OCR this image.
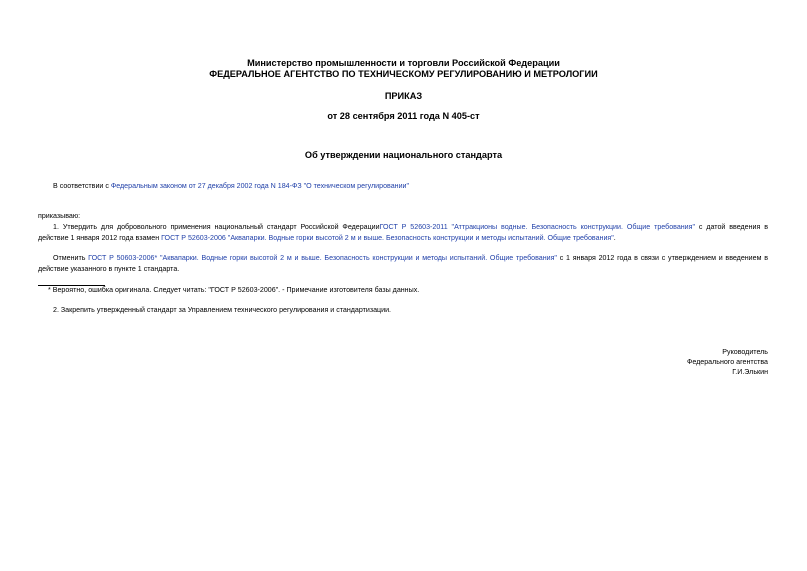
Министерство промышленности и торговли Российской Федерации
ФЕДЕРАЛЬНОЕ АГЕНТСТВО ПО ТЕХНИЧЕСКОМУ РЕГУЛИРОВАНИЮ И МЕТРОЛОГИИ
ПРИКАЗ
от 28 сентября 2011 года N 405-ст
Об утверждении национального стандарта
В соответствии с Федеральным законом от 27 декабря 2002 года N 184-ФЗ "О техническом регулировании"
приказываю:
1. Утвердить для добровольного применения национальный стандарт Российской ФедерацииГОСТ Р 52603-2011 "Аттракционы водные. Безопасность конструкции. Общие требования" с датой введения в
действие 1 января 2012 года взамен ГОСТ Р 52603-2006 "Аквапарки. Водные горки высотой 2 м и выше. Безопасность конструкции и методы испытаний. Общие требования".
Отменить ГОСТ Р 50603-2006* "Аквапарки. Водные горки высотой 2 м и выше. Безопасность конструкции и методы испытаний. Общие требования" с 1 января 2012 года в связи с утверждением и введением в
действие указанного в пункте 1 стандарта.
* Вероятно, ошибка оригинала. Следует читать: "ГОСТ Р 52603-2006". - Примечание изготовителя базы данных.
2. Закрепить утвержденный стандарт за Управлением технического регулирования и стандартизации.
Руководитель
Федерального агентства
Г.И.Элькин
